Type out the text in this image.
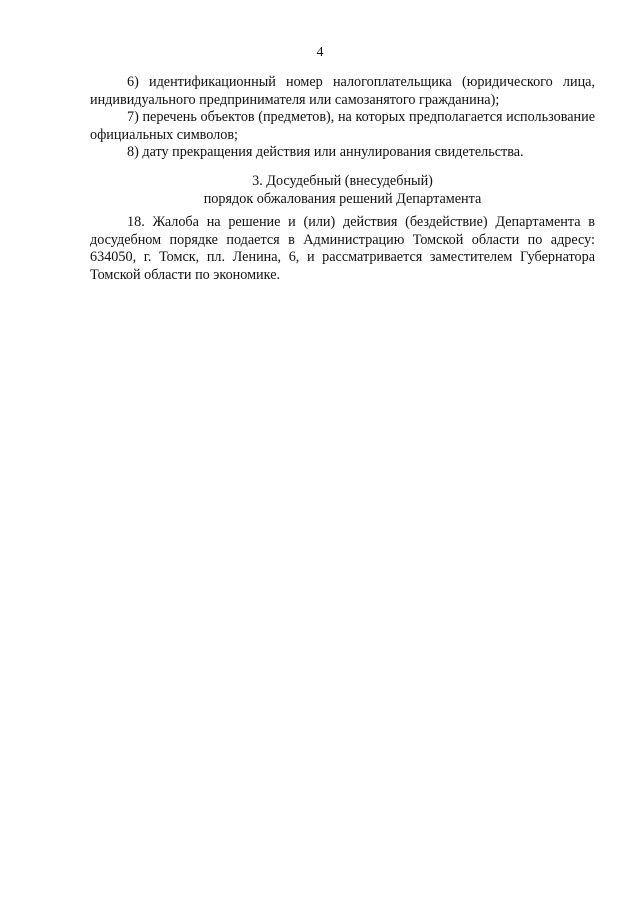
4

6) идентификационный номер налогоплательщика (юридического лица, индивидуального предпринимателя или самозанятого гражданина);

7) перечень объектов (предметов), на которых предполагается использование официальных символов;

8) дату прекращения действия или аннулирования свидетельства.

3. Досудебный (внесудебный)
порядок обжалования решений Департамента

18. Жалоба на решение и (или) действия (бездействие) Департамента в досудебном порядке подается в Администрацию Томской области по адресу: 634050, г. Томск, пл. Ленина, 6, и рассматривается заместителем Губернатора Томской области по экономике.
